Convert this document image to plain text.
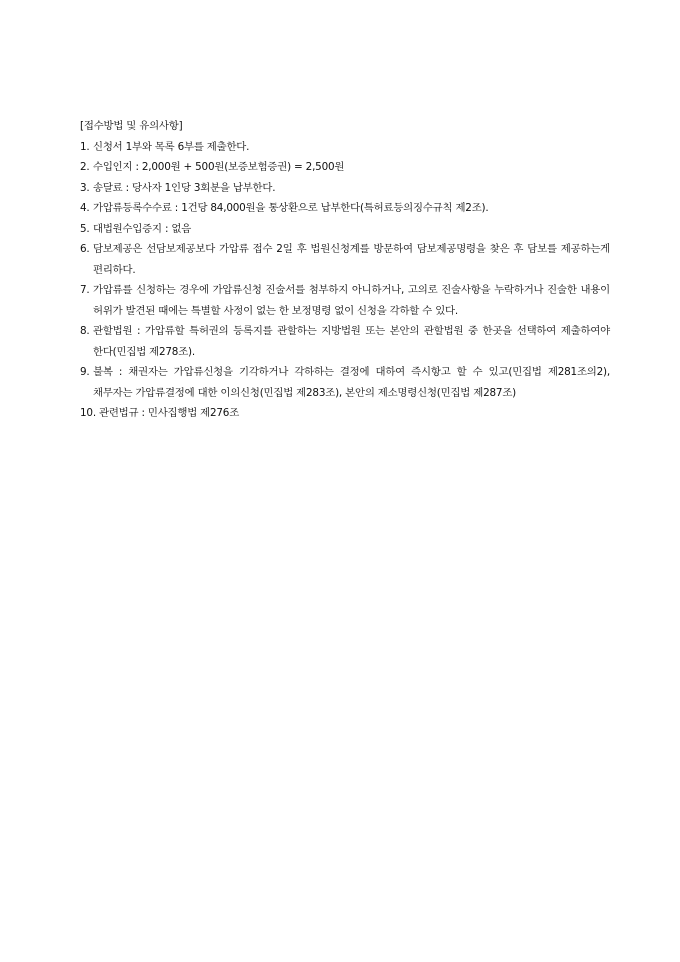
[접수방법 및 유의사항]

1. 신청서 1부와 목록 6부를 제출한다.
2. 수입인지 : 2,000원 + 500원(보증보험증권) = 2,500원
3. 송달료 : 당사자 1인당 3회분을 납부한다.
4. 가압류등록수수료 : 1건당 84,000원을 통상환으로 납부한다(특허료등의징수규칙 제2조).
5. 대법원수입증지 : 없음
6. 담보제공은 선담보제공보다 가압류 접수 2일 후 법원신청계를 방문하여 담보제공명령을 찾은 후 담보를 제공하는게 편리하다.
7. 가압류를 신청하는 경우에 가압류신청 진술서를 첨부하지 아니하거나, 고의로 진술사항을 누락하거나 진술한 내용이 허위가 발견된 때에는 특별할 사정이 없는 한 보정명령 없이 신청을 각하할 수 있다.
8. 관할법원 : 가압류할 특허권의 등록지를 관할하는 지방법원 또는 본안의 관할법원 중 한곳을 선택하여 제출하여야 한다(민집법 제278조).
9. 불복 : 채권자는 가압류신청을 기각하거나 각하하는 결정에 대하여 즉시항고 할 수 있고(민집법 제281조의2), 채무자는 가압류결정에 대한 이의신청(민집법 제283조), 본안의 제소명령신청(민집법 제287조)
10. 관련법규 : 민사집행법 제276조
